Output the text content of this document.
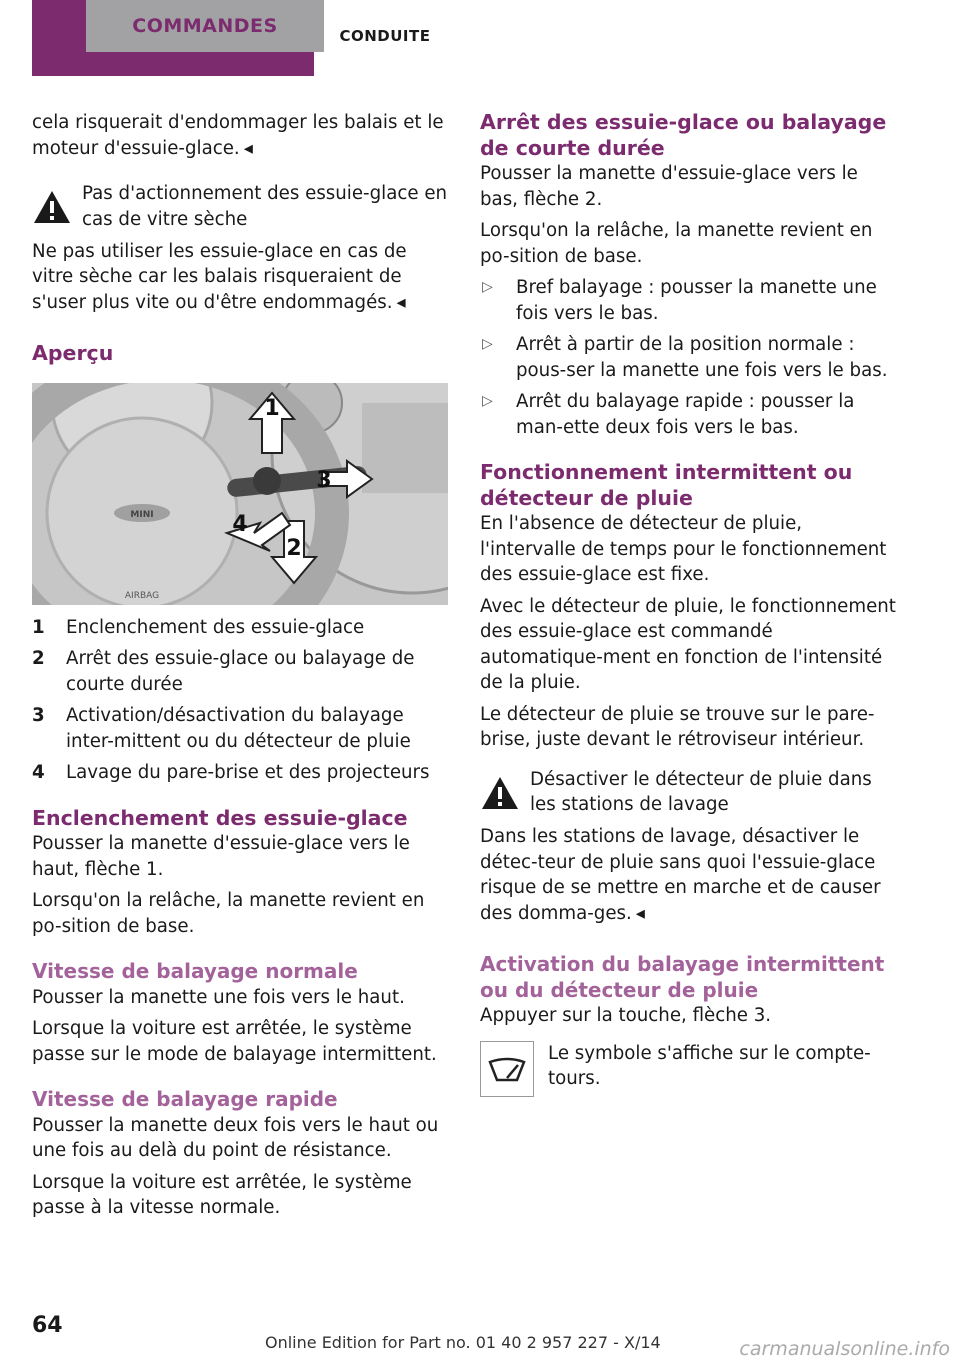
COMMANDES	CONDUITE

cela risquerait d'endommager les balais et le moteur d'essuie-glace. ◂

Pas d'actionnement des essuie-glace en cas de vitre sèche

Ne pas utiliser les essuie-glace en cas de vitre sèche car les balais risqueraient de s'user plus vite ou d'être endommagés. ◂

Aperçu
MINI
AIRBAG
1
2
3
4
1	Enclenchement des essuie-glace
2	Arrêt des essuie-glace ou balayage de courte durée
3	Activation/désactivation du balayage inter-mittent ou du détecteur de pluie
4	Lavage du pare-brise et des projecteurs
Enclenchement des essuie-glace

Pousser la manette d'essuie-glace vers le haut, flèche 1.

Lorsqu'on la relâche, la manette revient en po-sition de base.

Vitesse de balayage normale

Pousser la manette une fois vers le haut.

Lorsque la voiture est arrêtée, le système passe sur le mode de balayage intermittent.

Vitesse de balayage rapide

Pousser la manette deux fois vers le haut ou une fois au delà du point de résistance.

Lorsque la voiture est arrêtée, le système passe à la vitesse normale.

Arrêt des essuie-glace ou balayage de courte durée

Pousser la manette d'essuie-glace vers le bas, flèche 2.

Lorsqu'on la relâche, la manette revient en po-sition de base.

▷	Bref balayage : pousser la manette une fois vers le bas.
▷	Arrêt à partir de la position normale : pous-ser la manette une fois vers le bas.
▷	Arrêt du balayage rapide : pousser la man-ette deux fois vers le bas.
Fonctionnement intermittent ou détecteur de pluie

En l'absence de détecteur de pluie, l'intervalle de temps pour le fonctionnement des essuie-glace est fixe.

Avec le détecteur de pluie, le fonctionnement des essuie-glace est commandé automatique-ment en fonction de l'intensité de la pluie.

Le détecteur de pluie se trouve sur le pare-brise, juste devant le rétroviseur intérieur.

Désactiver le détecteur de pluie dans les stations de lavage

Dans les stations de lavage, désactiver le détec-teur de pluie sans quoi l'essuie-glace risque de se mettre en marche et de causer des domma-ges. ◂

Activation du balayage intermittent ou du détecteur de pluie

Appuyer sur la touche, flèche 3.

Le symbole s'affiche sur le compte-tours.
64
Online Edition for Part no. 01 40 2 957 227 - X/14	carmanualsonline.info
